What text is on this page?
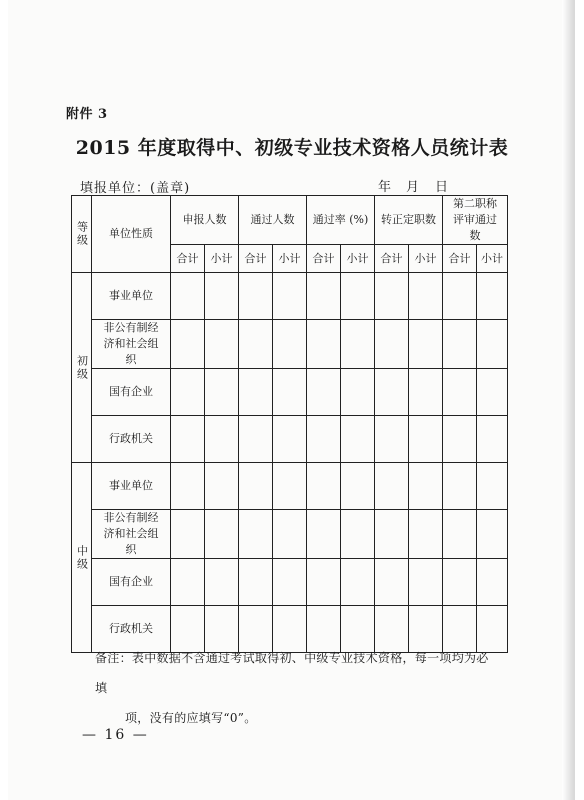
附件 3
2015 年度取得中、初级专业技术资格人员统计表
填报单位：(盖章)	年 月 日
等级	单位性质	申报人数		通过人数		通过率 (%)		转正定职数		第二职称评审通过数	
		合计	小计	合计	小计	合计	小计	合计	小计	合计	小计
初级	事业单位										
	非公有制经济和社会组织										
	国有企业										
	行政机关										
中级	事业单位										
	非公有制经济和社会组织										
	国有企业										
	行政机关										
备注：表中数据不含通过考试取得初、中级专业技术资格，每一项均为必填
项，没有的应填写“0”。
— 16 —
